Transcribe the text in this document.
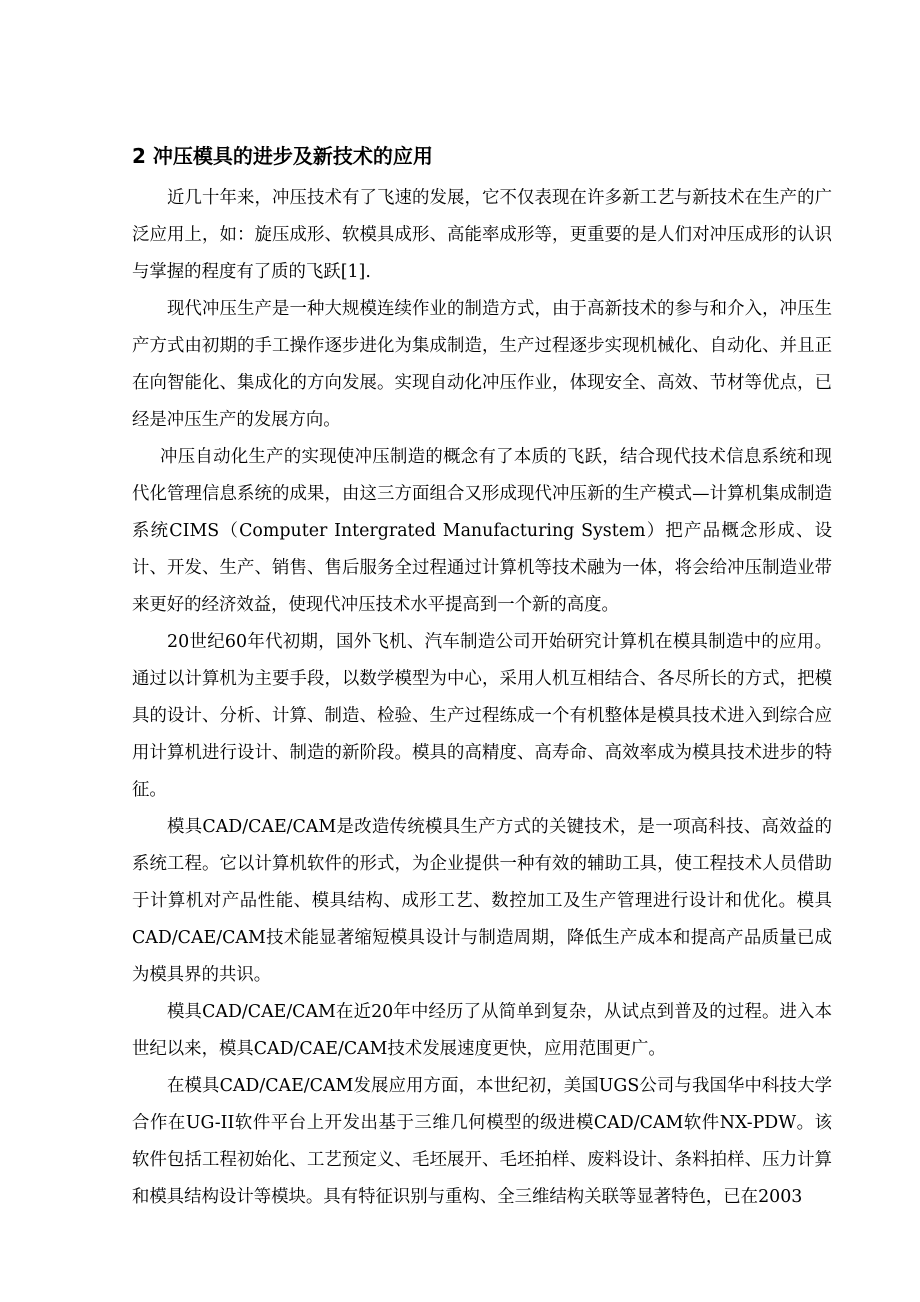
2 冲压模具的进步及新技术的应用

近几十年来，冲压技术有了飞速的发展，它不仅表现在许多新工艺与新技术在生产的广泛应用上，如：旋压成形、软模具成形、高能率成形等，更重要的是人们对冲压成形的认识与掌握的程度有了质的飞跃[1].

现代冲压生产是一种大规模连续作业的制造方式，由于高新技术的参与和介入，冲压生产方式由初期的手工操作逐步进化为集成制造，生产过程逐步实现机械化、自动化、并且正在向智能化、集成化的方向发展。实现自动化冲压作业，体现安全、高效、节材等优点，已经是冲压生产的发展方向。

冲压自动化生产的实现使冲压制造的概念有了本质的飞跃，结合现代技术信息系统和现代化管理信息系统的成果，由这三方面组合又形成现代冲压新的生产模式—计算机集成制造系统CIMS（Computer Intergrated Manufacturing System）把产品概念形成、设计、开发、生产、销售、售后服务全过程通过计算机等技术融为一体，将会给冲压制造业带来更好的经济效益，使现代冲压技术水平提高到一个新的高度。

20世纪60年代初期，国外飞机、汽车制造公司开始研究计算机在模具制造中的应用。通过以计算机为主要手段，以数学模型为中心，采用人机互相结合、各尽所长的方式，把模具的设计、分析、计算、制造、检验、生产过程练成一个有机整体是模具技术进入到综合应用计算机进行设计、制造的新阶段。模具的高精度、高寿命、高效率成为模具技术进步的特征。

模具CAD/CAE/CAM是改造传统模具生产方式的关键技术，是一项高科技、高效益的系统工程。它以计算机软件的形式，为企业提供一种有效的辅助工具，使工程技术人员借助于计算机对产品性能、模具结构、成形工艺、数控加工及生产管理进行设计和优化。模具CAD/CAE/CAM技术能显著缩短模具设计与制造周期，降低生产成本和提高产品质量已成为模具界的共识。

模具CAD/CAE/CAM在近20年中经历了从简单到复杂，从试点到普及的过程。进入本世纪以来，模具CAD/CAE/CAM技术发展速度更快，应用范围更广。

在模具CAD/CAE/CAM发展应用方面，本世纪初，美国UGS公司与我国华中科技大学合作在UG-II软件平台上开发出基于三维几何模型的级进模CAD/CAM软件NX-PDW。该软件包括工程初始化、工艺预定义、毛坯展开、毛坯拍样、废料设计、条料拍样、压力计算和模具结构设计等模块。具有特征识别与重构、全三维结构关联等显著特色，已在2003
